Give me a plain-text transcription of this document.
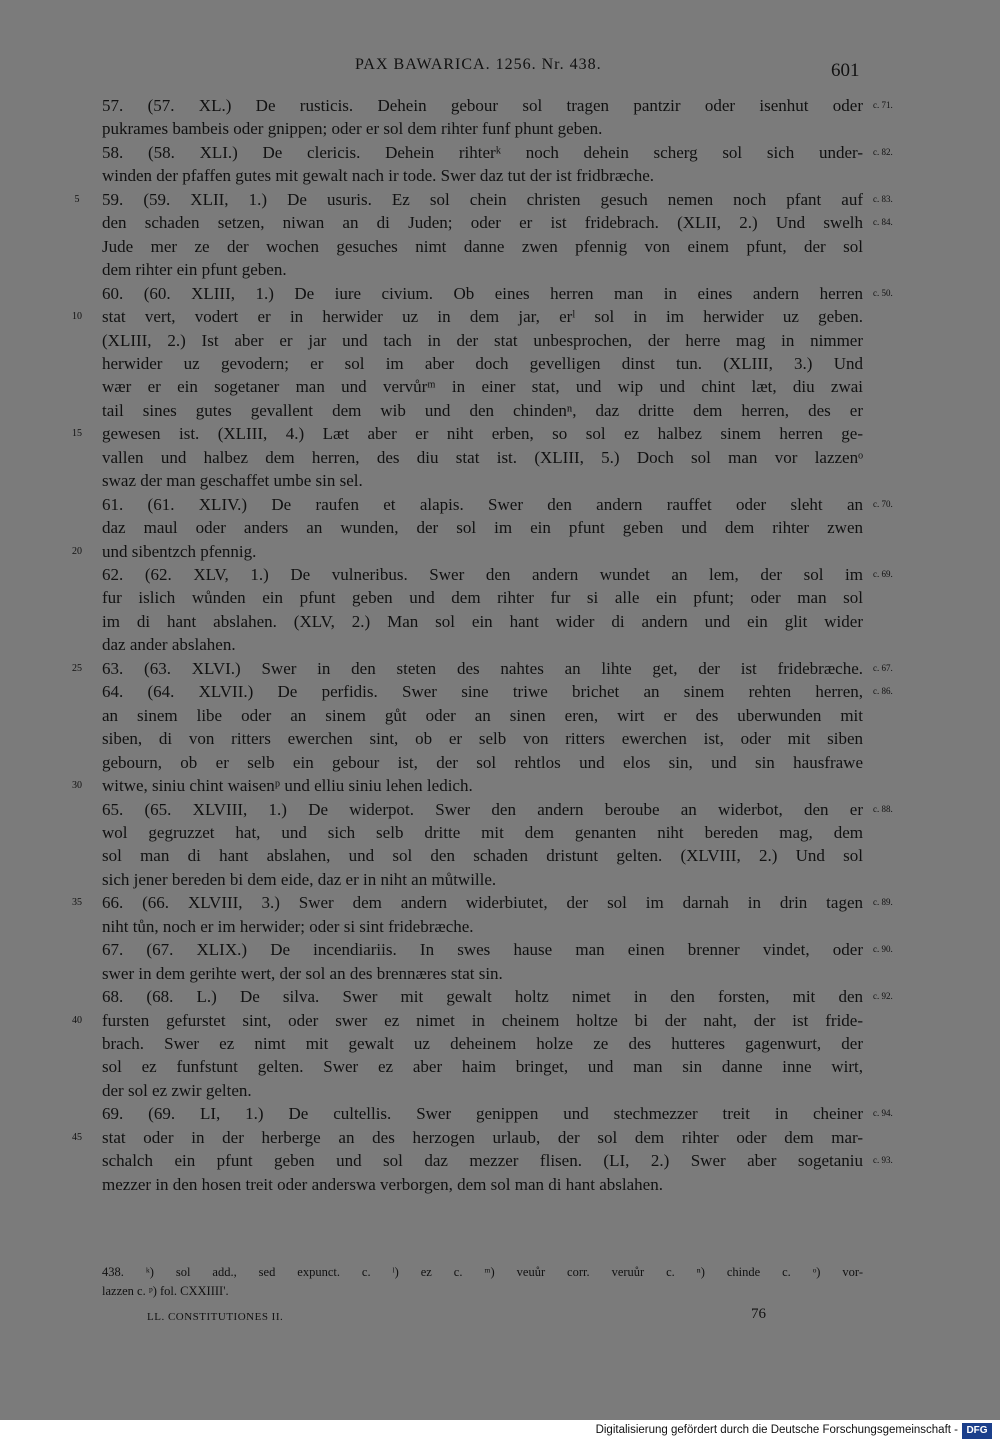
PAX BAWARICA. 1256. Nr. 438.	601
57. (57. XL.) De rusticis. Dehein gebour sol tragen pantzir oder isenhut oder c. 71.
pukrames bambeis oder gnippen; oder er sol dem rihter funf phunt geben.
58. (58. XLI.) De clericis. Dehein rihterᵏ noch dehein scherg sol sich under- c. 82.
winden der pfaffen gutes mit gewalt nach ir tode. Swer daz tut der ist fridbræche.
59. (59. XLII, 1.) De usuris. Ez sol chein christen gesuch nemen noch pfant auf c. 83.
5
den schaden setzen, niwan an di Juden; oder er ist fridebrach. (XLII, 2.) Und swelh c. 84.
Jude mer ze der wochen gesuches nimt danne zwen pfennig von einem pfunt, der sol
dem rihter ein pfunt geben.
60. (60. XLIII, 1.) De iure civium. Ob eines herren man in eines andern herren c. 50.
stat vert, vodert er in herwider uz in dem jar, erˡ sol in im herwider uz geben.
10
(XLIII, 2.) Ist aber er jar und tach in der stat unbesprochen, der herre mag in nimmer
herwider uz gevodern; er sol im aber doch gevelligen dinst tun. (XLIII, 3.) Und
wær er ein sogetaner man und vervůrᵐ in einer stat, und wip und chint læt, diu zwai
tail sines gutes gevallent dem wib und den chindenⁿ, daz dritte dem herren, des er
gewesen ist. (XLIII, 4.) Læt aber er niht erben, so sol ez halbez sinem herren ge-
15
vallen und halbez dem herren, des diu stat ist. (XLIII, 5.) Doch sol man vor lazzenᵒ
swaz der man geschaffet umbe sin sel.
61. (61. XLIV.) De raufen et alapis. Swer den andern rauffet oder sleht an c. 70.
daz maul oder anders an wunden, der sol im ein pfunt geben und dem rihter zwen
und sibentzch pfennig.
20
62. (62. XLV, 1.) De vulneribus. Swer den andern wundet an lem, der sol im c. 69.
fur islich wůnden ein pfunt geben und dem rihter fur si alle ein pfunt; oder man sol
im di hant abslahen. (XLV, 2.) Man sol ein hant wider di andern und ein glit wider
daz ander abslahen.
63. (63. XLVI.) Swer in den steten des nahtes an lihte get, der ist fridebræche. c. 67.
25
64. (64. XLVII.) De perfidis. Swer sine triwe brichet an sinem rehten herren, c. 86.
an sinem libe oder an sinem gůt oder an sinen eren, wirt er des uberwunden mit
siben, di von ritters ewerchen sint, ob er selb von ritters ewerchen ist, oder mit siben
gebourn, ob er selb ein gebour ist, der sol rehtlos und elos sin, und sin hausfrawe
witwe, siniu chint waisenᵖ und elliu siniu lehen ledich.
30
65. (65. XLVIII, 1.) De widerpot. Swer den andern beroube an widerbot, den er c. 88.
wol gegruzzet hat, und sich selb dritte mit dem genanten niht bereden mag, dem
sol man di hant abslahen, und sol den schaden dristunt gelten. (XLVIII, 2.) Und sol
sich jener bereden bi dem eide, daz er in niht an můtwille.
66. (66. XLVIII, 3.) Swer dem andern widerbiutet, der sol im darnah in drin tagen c. 89.
35
niht tůn, noch er im herwider; oder si sint fridebræche.
67. (67. XLIX.) De incendiariis. In swes hause man einen brenner vindet, oder c. 90.
swer in dem gerihte wert, der sol an des brennæres stat sin.
68. (68. L.) De silva. Swer mit gewalt holtz nimet in den forsten, mit den c. 92.
fursten gefurstet sint, oder swer ez nimet in cheinem holtze bi der naht, der ist fride-
40
brach. Swer ez nimt mit gewalt uz deheinem holze ze des hutteres gagenwurt, der
sol ez funfstunt gelten. Swer ez aber haim bringet, und man sin danne inne wirt,
der sol ez zwir gelten.
69. (69. LI, 1.) De cultellis. Swer genippen und stechmezzer treit in cheiner c. 94.
stat oder in der herberge an des herzogen urlaub, der sol dem rihter oder dem mar-
45
schalch ein pfunt geben und sol daz mezzer flisen. (LI, 2.) Swer aber sogetaniu c. 93.
mezzer in den hosen treit oder anderswa verborgen, dem sol man di hant abslahen.
438. ᵏ) sol add., sed expunct. c. ˡ) ez c. ᵐ) veuůr corr. veruůr c. ⁿ) chinde c. ᵒ) vor-
lazzen c. ᵖ) fol. CXXIIII'.
LL. CONSTITUTIONES II.	76
Digitalisierung gefördert durch die Deutsche Forschungsgemeinschaft - DFG
